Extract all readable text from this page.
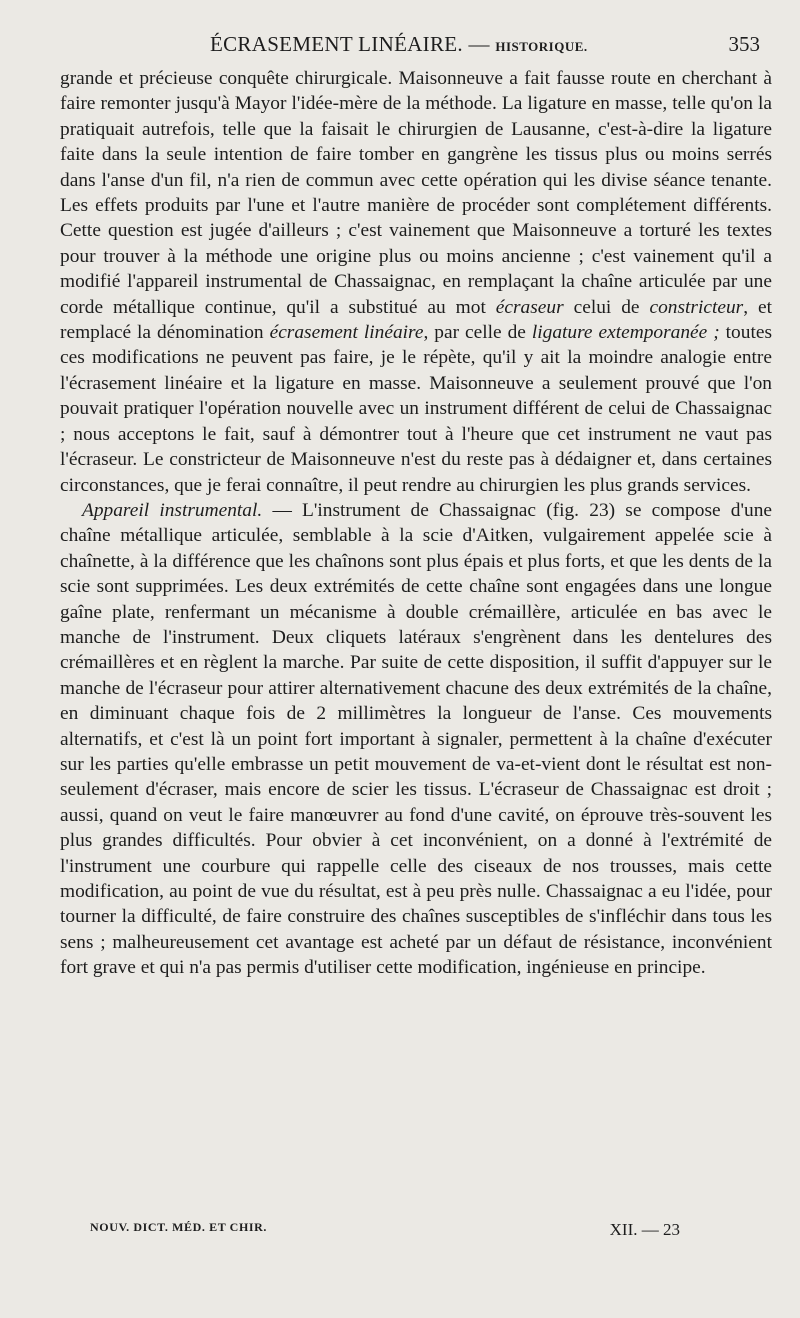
ÉCRASEMENT LINÉAIRE. — HISTORIQUE.	353

grande et précieuse conquête chirurgicale. Maisonneuve a fait fausse route en cherchant à faire remonter jusqu'à Mayor l'idée-mère de la méthode. La ligature en masse, telle qu'on la pratiquait autrefois, telle que la faisait le chirurgien de Lausanne, c'est-à-dire la ligature faite dans la seule intention de faire tomber en gangrène les tissus plus ou moins serrés dans l'anse d'un fil, n'a rien de commun avec cette opération qui les divise séance tenante. Les effets produits par l'une et l'autre manière de procéder sont complétement différents. Cette question est jugée d'ailleurs ; c'est vainement que Maisonneuve a torturé les textes pour trouver à la méthode une origine plus ou moins ancienne ; c'est vainement qu'il a modifié l'appareil instrumental de Chassaignac, en remplaçant la chaîne articulée par une corde métallique continue, qu'il a substitué au mot écraseur celui de constricteur, et remplacé la dénomination écrasement linéaire, par celle de ligature extemporanée ; toutes ces modifications ne peuvent pas faire, je le répète, qu'il y ait la moindre analogie entre l'écrasement linéaire et la ligature en masse. Maisonneuve a seulement prouvé que l'on pouvait pratiquer l'opération nouvelle avec un instrument différent de celui de Chassaignac ; nous acceptons le fait, sauf à démontrer tout à l'heure que cet instrument ne vaut pas l'écraseur. Le constricteur de Maisonneuve n'est du reste pas à dédaigner et, dans certaines circonstances, que je ferai connaître, il peut rendre au chirurgien les plus grands services.

Appareil instrumental. — L'instrument de Chassaignac (fig. 23) se compose d'une chaîne métallique articulée, semblable à la scie d'Aitken, vulgairement appelée scie à chaînette, à la différence que les chaînons sont plus épais et plus forts, et que les dents de la scie sont supprimées. Les deux extrémités de cette chaîne sont engagées dans une longue gaîne plate, renfermant un mécanisme à double crémaillère, articulée en bas avec le manche de l'instrument. Deux cliquets latéraux s'engrènent dans les dentelures des crémaillères et en règlent la marche. Par suite de cette disposition, il suffit d'appuyer sur le manche de l'écraseur pour attirer alternativement chacune des deux extrémités de la chaîne, en diminuant chaque fois de 2 millimètres la longueur de l'anse. Ces mouvements alternatifs, et c'est là un point fort important à signaler, permettent à la chaîne d'exécuter sur les parties qu'elle embrasse un petit mouvement de va-et-vient dont le résultat est non-seulement d'écraser, mais encore de scier les tissus. L'écraseur de Chassaignac est droit ; aussi, quand on veut le faire manœuvrer au fond d'une cavité, on éprouve très-souvent les plus grandes difficultés. Pour obvier à cet inconvénient, on a donné à l'extrémité de l'instrument une courbure qui rappelle celle des ciseaux de nos trousses, mais cette modification, au point de vue du résultat, est à peu près nulle. Chassaignac a eu l'idée, pour tourner la difficulté, de faire construire des chaînes susceptibles de s'infléchir dans tous les sens ; malheureusement cet avantage est acheté par un défaut de résistance, inconvénient fort grave et qui n'a pas permis d'utiliser cette modification, ingénieuse en principe.

NOUV. DICT. MÉD. ET CHIR.	XII. — 23
